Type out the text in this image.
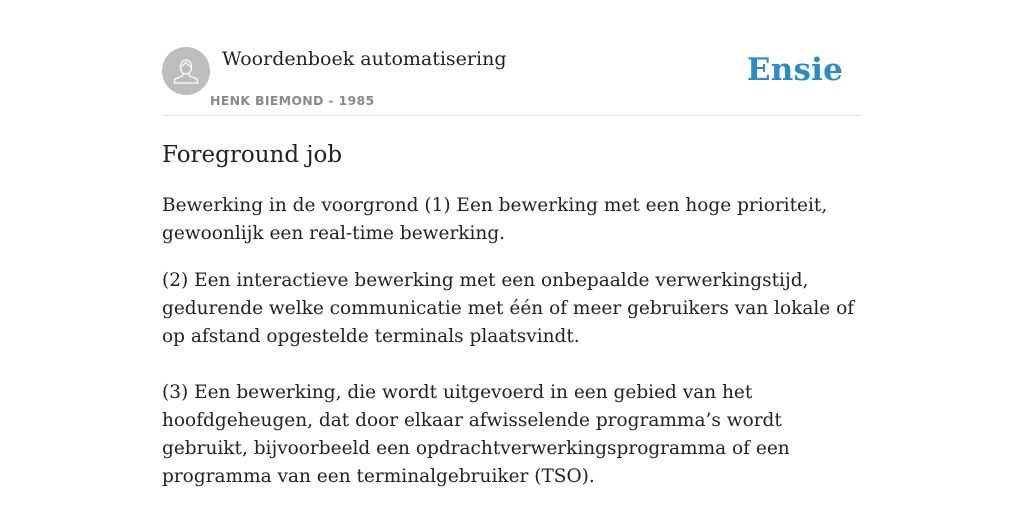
Woordenboek automatisering
HENK BIEMOND - 1985
Ensie
Foreground job

Bewerking in de voorgrond (1) Een bewerking met een hoge prioriteit, gewoonlijk een real-time bewerking.

(2) Een interactieve bewerking met een onbepaalde verwerkingstijd, gedurende welke communicatie met één of meer gebruikers van lokale of op afstand opgestelde terminals plaatsvindt.

(3) Een bewerking, die wordt uitgevoerd in een gebied van het hoofdgeheugen, dat door elkaar afwisselende programma’s wordt gebruikt, bijvoorbeeld een opdrachtverwerkingsprogramma of een programma van een terminalgebruiker (TSO).
